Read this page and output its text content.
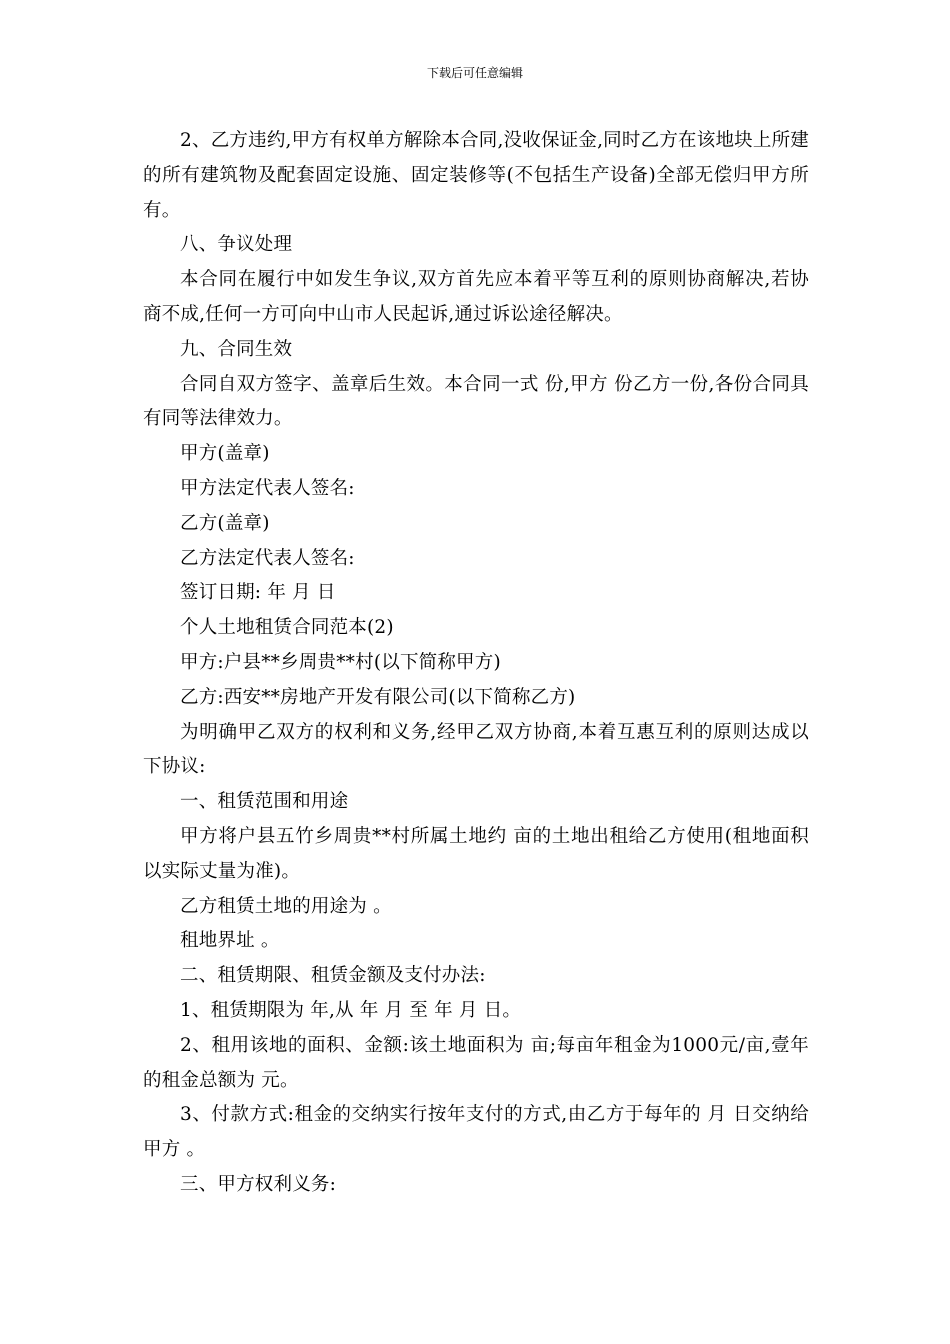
下载后可任意编辑

2、乙方违约,甲方有权单方解除本合同,没收保证金,同时乙方在该地块上所建的所有建筑物及配套固定设施、固定装修等(不包括生产设备)全部无偿归甲方所有。

八、争议处理

本合同在履行中如发生争议,双方首先应本着平等互利的原则协商解决,若协商不成,任何一方可向中山市人民起诉,通过诉讼途径解决。

九、合同生效

合同自双方签字、盖章后生效。本合同一式 份,甲方 份乙方一份,各份合同具有同等法律效力。

甲方(盖章)

甲方法定代表人签名:

乙方(盖章)

乙方法定代表人签名:

签订日期: 年 月 日

个人土地租赁合同范本(2)

甲方:户县**乡周贵**村(以下简称甲方)

乙方:西安**房地产开发有限公司(以下简称乙方)

为明确甲乙双方的权利和义务,经甲乙双方协商,本着互惠互利的原则达成以下协议:

一、租赁范围和用途

甲方将户县五竹乡周贵**村所属土地约 亩的土地出租给乙方使用(租地面积以实际丈量为准)。

乙方租赁土地的用途为 。

租地界址 。

二、租赁期限、租赁金额及支付办法:

1、租赁期限为 年,从 年 月 至 年 月 日。

2、租用该地的面积、金额:该土地面积为 亩;每亩年租金为1000元/亩,壹年的租金总额为 元。

3、付款方式:租金的交纳实行按年支付的方式,由乙方于每年的 月 日交纳给甲方 。

三、甲方权利义务:
